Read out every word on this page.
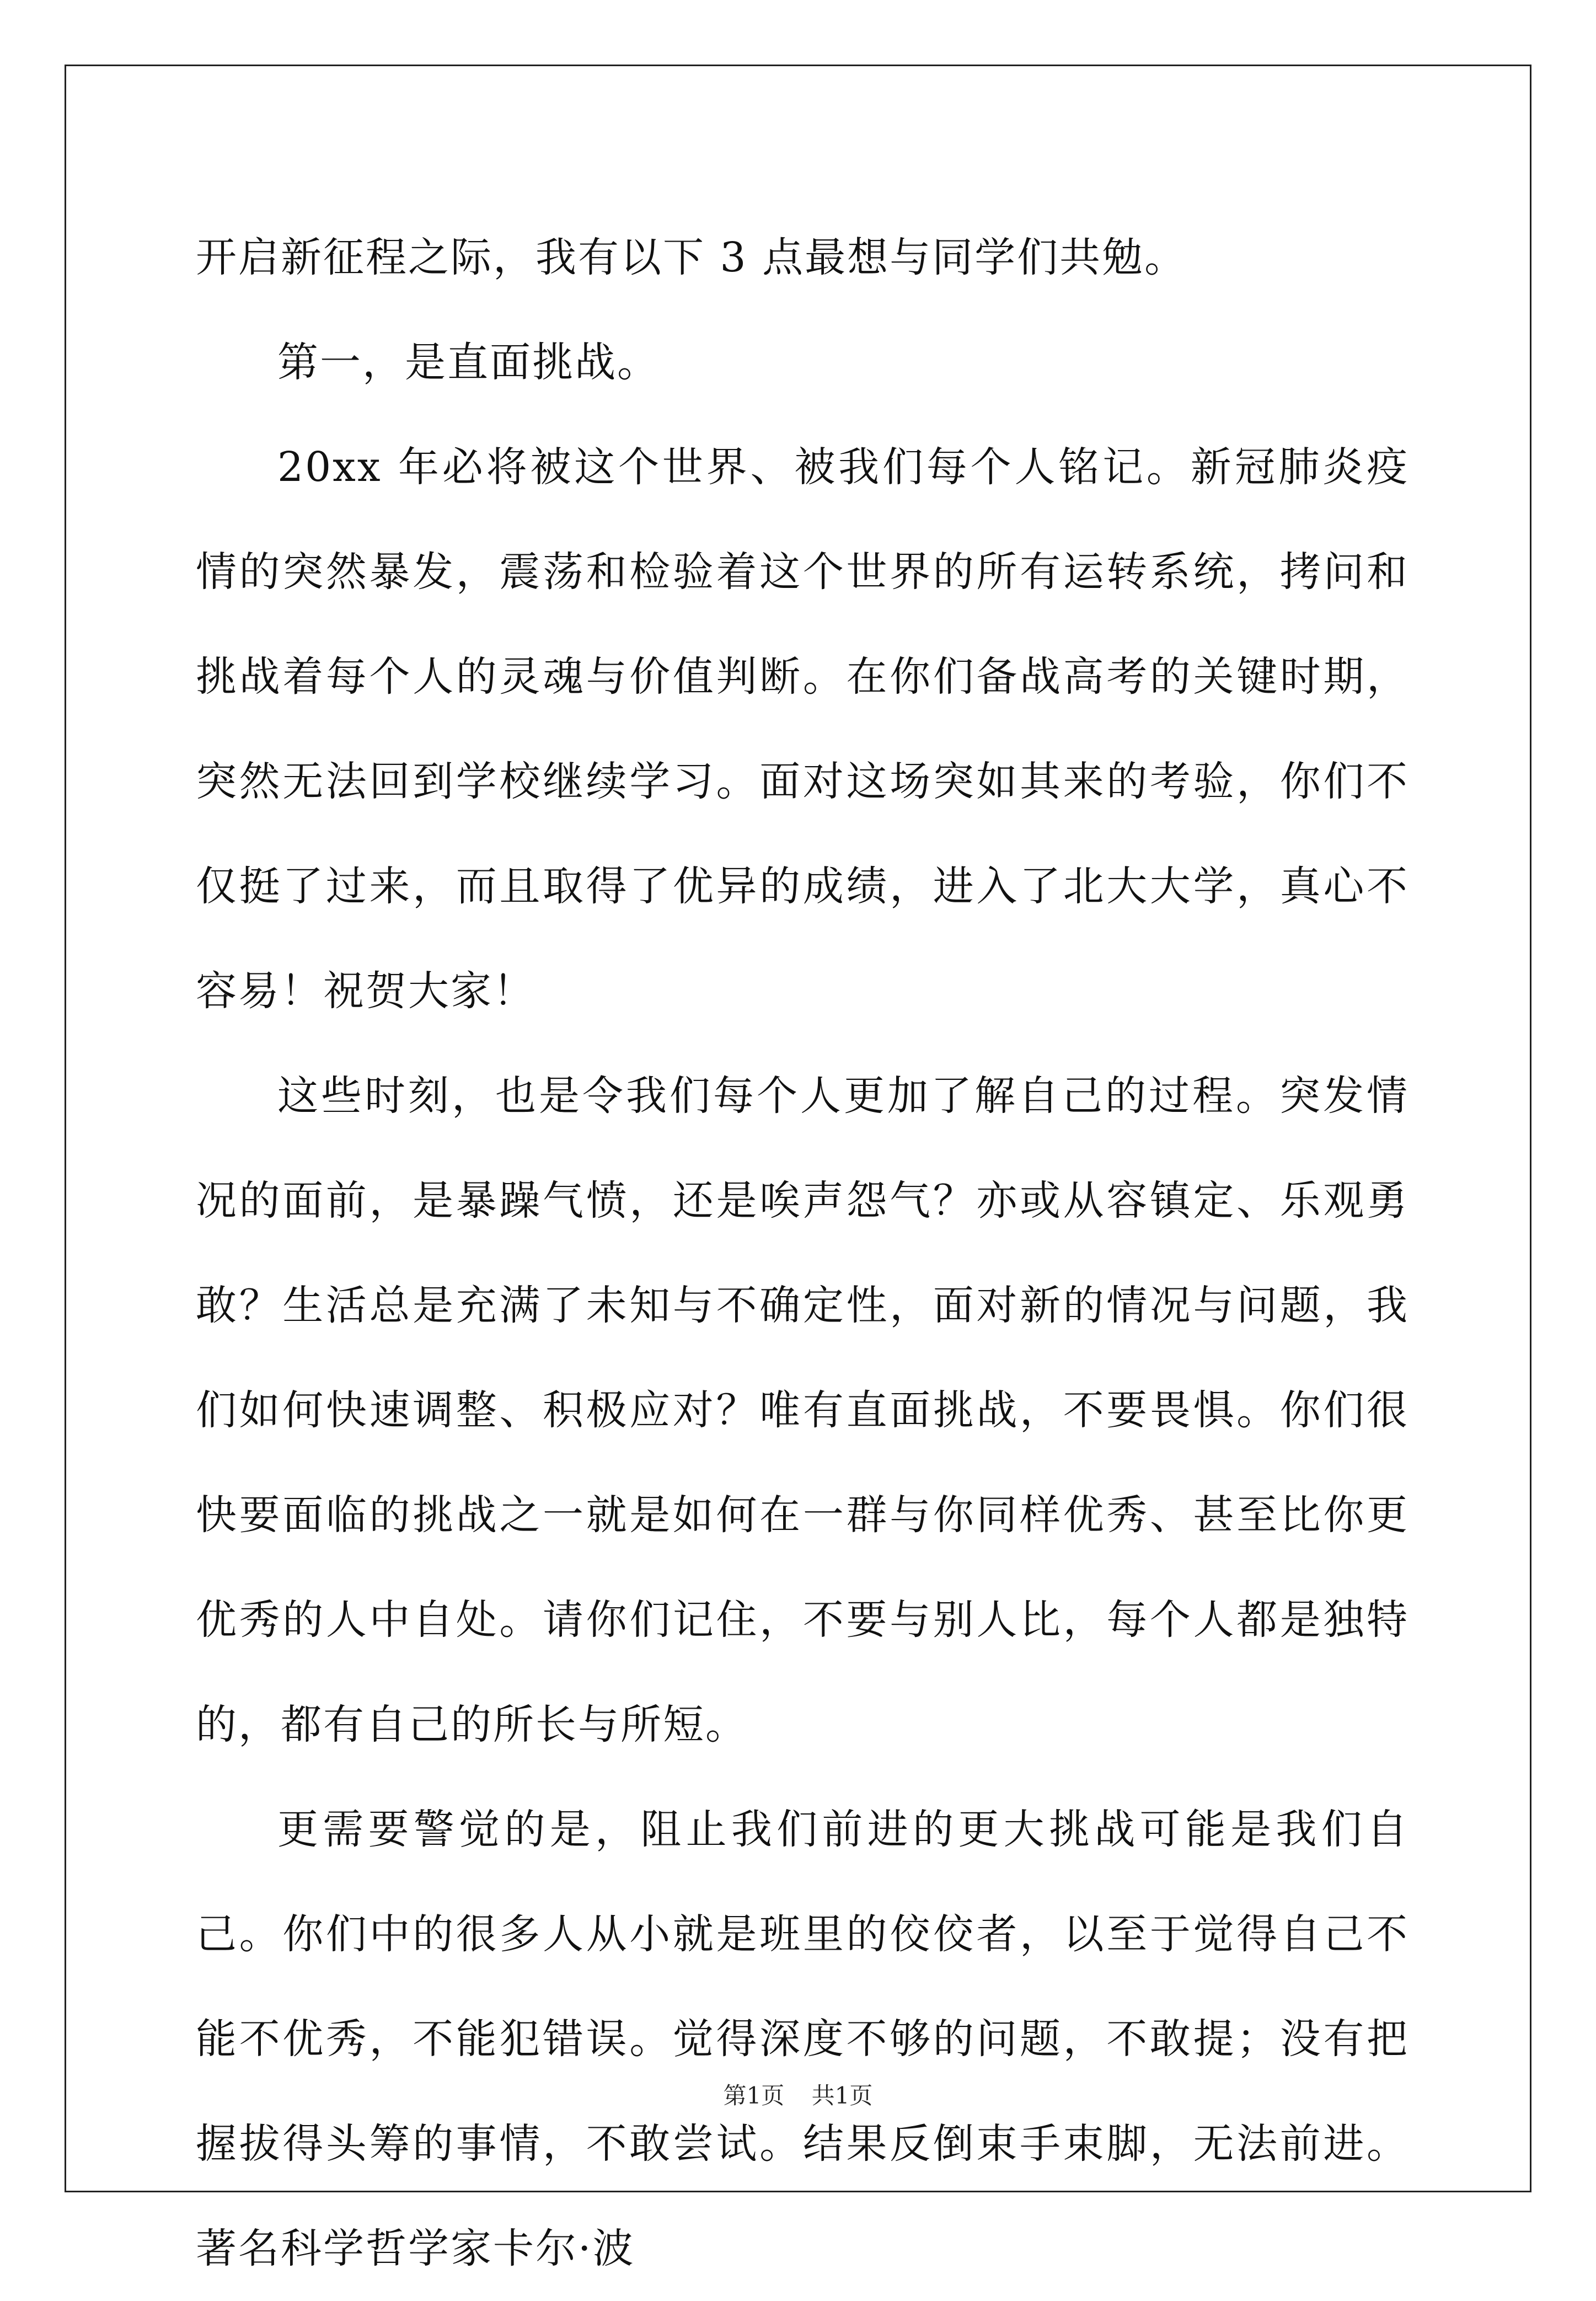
开启新征程之际，我有以下 3 点最想与同学们共勉。

第一，是直面挑战。

20xx 年必将被这个世界、被我们每个人铭记。新冠肺炎疫情的突然暴发，震荡和检验着这个世界的所有运转系统，拷问和挑战着每个人的灵魂与价值判断。在你们备战高考的关键时期，突然无法回到学校继续学习。面对这场突如其来的考验，你们不仅挺了过来，而且取得了优异的成绩，进入了北大大学，真心不容易！祝贺大家！

这些时刻，也是令我们每个人更加了解自己的过程。突发情况的面前，是暴躁气愤，还是唉声怨气？亦或从容镇定、乐观勇敢？生活总是充满了未知与不确定性，面对新的情况与问题，我们如何快速调整、积极应对？唯有直面挑战，不要畏惧。你们很快要面临的挑战之一就是如何在一群与你同样优秀、甚至比你更优秀的人中自处。请你们记住，不要与别人比，每个人都是独特的，都有自己的所长与所短。

更需要警觉的是，阻止我们前进的更大挑战可能是我们自己。你们中的很多人从小就是班里的佼佼者，以至于觉得自己不能不优秀，不能犯错误。觉得深度不够的问题，不敢提；没有把握拔得头筹的事情，不敢尝试。结果反倒束手束脚，无法前进。著名科学哲学家卡尔·波

第1页 共1页
